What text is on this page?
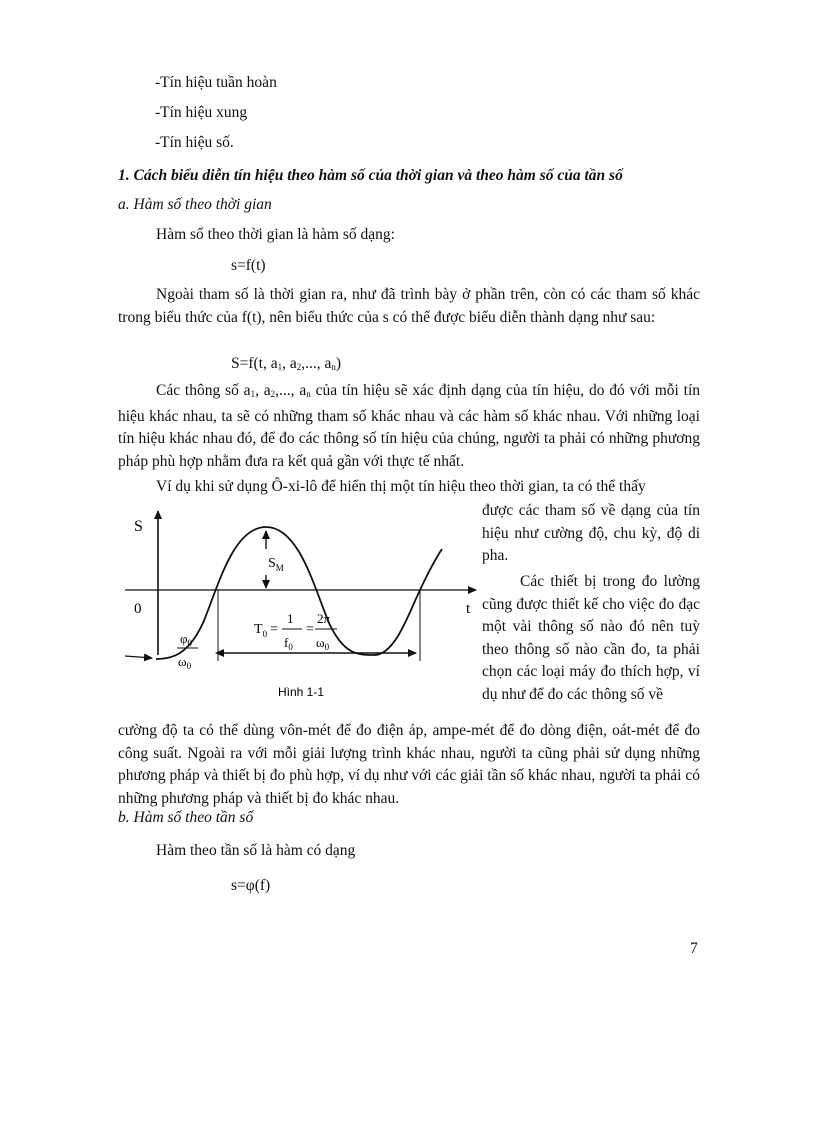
-Tín hiệu tuần hoàn
-Tín hiệu xung
-Tín hiệu số.
1. Cách biểu diễn tín hiệu theo hàm số của thời gian và theo hàm số của tần số
a. Hàm số theo thời gian
Hàm số theo thời gian là hàm số dạng:
s=f(t)
Ngoài tham số là thời gian ra, như đã trình bày ở phần trên, còn có các tham số khác trong biểu thức của f(t), nên biểu thức của s có thể được biểu diễn thành dạng như sau:
S=f(t, $a_1$, $a_2$,..., $a_n$)
Các thông số $a_1$, $a_2$,..., $a_n$ của tín hiệu sẽ xác định dạng của tín hiệu, do đó với mỗi tín hiệu khác nhau, ta sẽ có những tham số khác nhau và các hàm số khác nhau. Với những loại tín hiệu khác nhau đó, để đo các thông số tín hiệu của chúng, người ta phải có những phương pháp phù hợp nhằm đưa ra kết quả gần với thực tế nhất.
Ví dụ khi sử dụng Ô-xi-lô để hiển thị một tín hiệu theo thời gian, ta có thể thấy
được các tham số về dạng của tín hiệu như cường độ, chu kỳ, độ di pha.
Các thiết bị trong đo lường cũng được thiết kế cho việc đo đạc một vài thông số nào đó nên tuỳ theo thông số nào cần đo, ta phải chọn các loại máy đo thích hợp, ví dụ như để đo các thông số về
S
0	t
$S_M$
$T_0$ =
1
$f_0$
=
2π
$\omega_0$
$\varphi_0$
$\omega_0$
Hình 1-1
cường độ ta có thể dùng vôn-mét để đo điện áp, ampe-mét để đo dòng điện, oát-mét để đo công suất. Ngoài ra với mỗi giải lượng trình khác nhau, người ta cũng phải sử dụng những phương pháp và thiết bị đo phù hợp, ví dụ như với các giải tần số khác nhau, người ta phải có những phương pháp và thiết bị đo khác nhau.
b. Hàm số theo tần số
Hàm theo tần số là hàm có dạng
s=φ(f)
7
